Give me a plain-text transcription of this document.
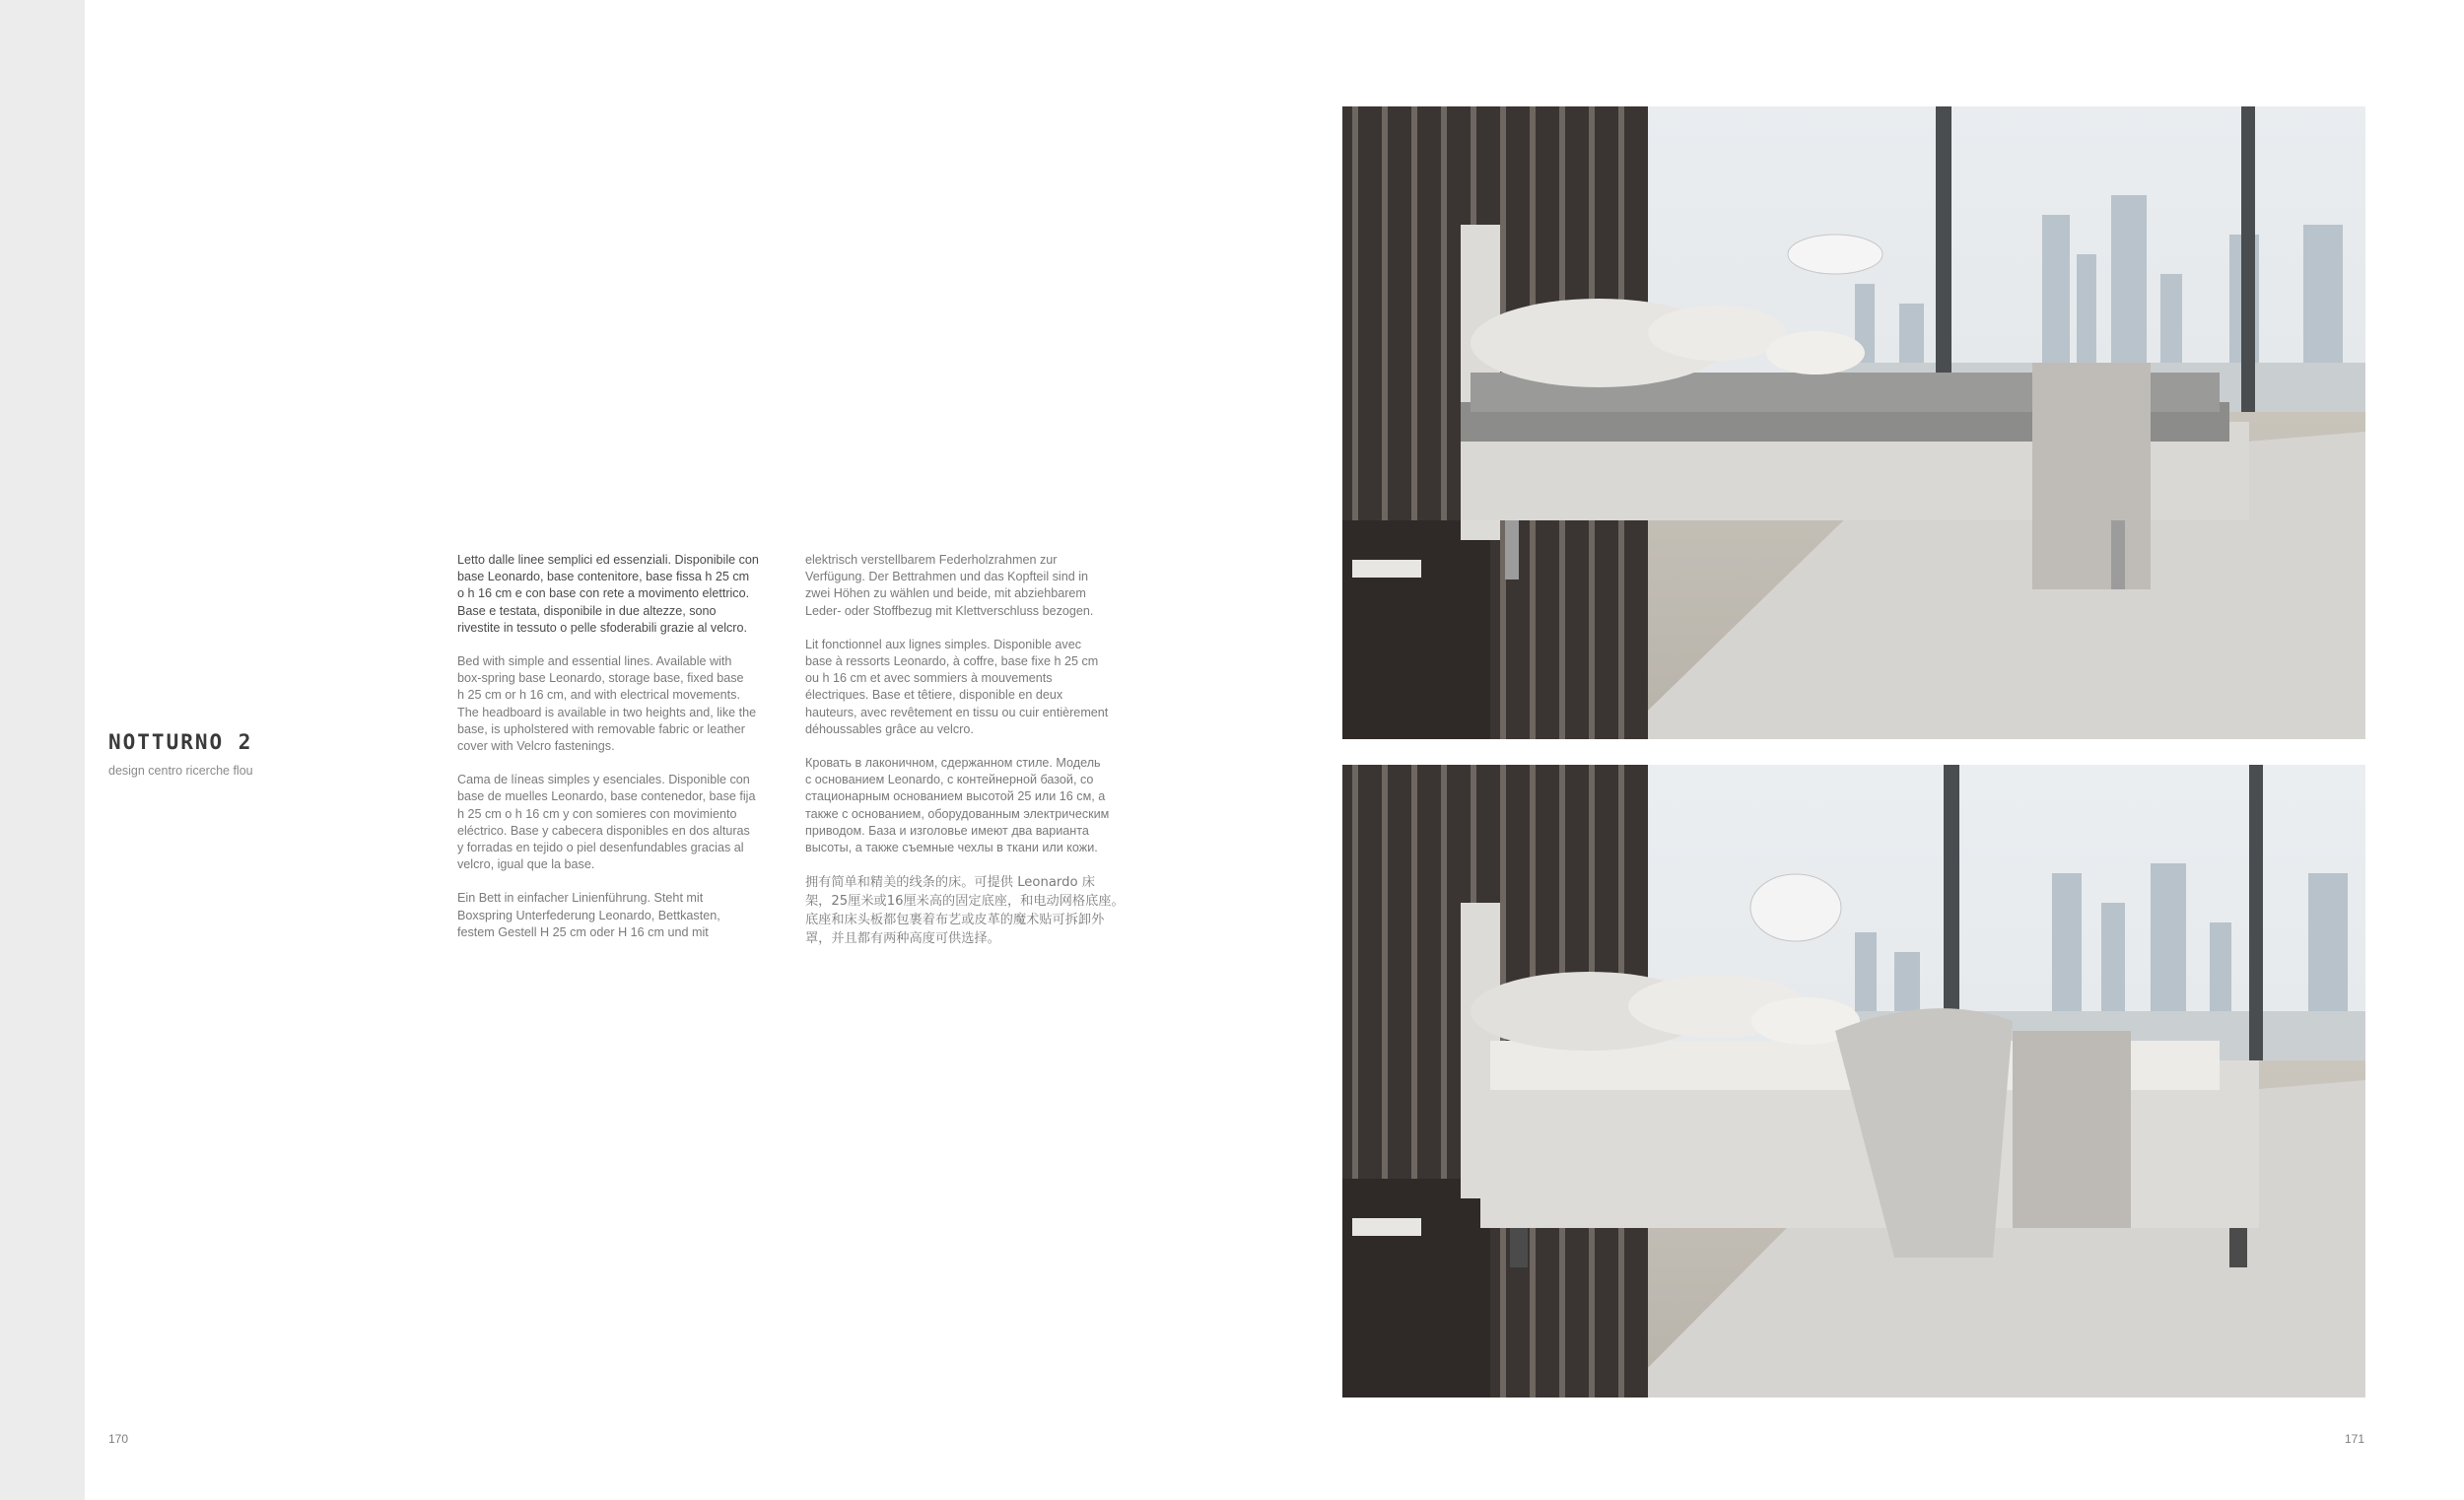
NOTTURNO 2
design centro ricerche flou

Letto dalle linee semplici ed essenziali. Disponibile con
base Leonardo, base contenitore, base fissa h 25 cm
o h 16 cm e con base con rete a movimento elettrico.
Base e testata, disponibile in due altezze, sono
rivestite in tessuto o pelle sfoderabili grazie al velcro.

Bed with simple and essential lines. Available with
box-spring base Leonardo, storage base, fixed base
h 25 cm or h 16 cm, and with electrical movements.
The headboard is available in two heights and, like the
base, is upholstered with removable fabric or leather
cover with Velcro fastenings.

Cama de líneas simples y esenciales. Disponible con
base de muelles Leonardo, base contenedor, base fija
h 25 cm o h 16 cm y con somieres con movimiento
eléctrico. Base y cabecera disponibles en dos alturas
y forradas en tejido o piel desenfundables gracias al
velcro, igual que la base.

Ein Bett in einfacher Linienführung. Steht mit
Boxspring Unterfederung Leonardo, Bettkasten,
festem Gestell H 25 cm oder H 16 cm und mit

elektrisch verstellbarem Federholzrahmen zur
Verfügung. Der Bettrahmen und das Kopfteil sind in
zwei Höhen zu wählen und beide, mit abziehbarem
Leder- oder Stoffbezug mit Klettverschluss bezogen.

Lit fonctionnel aux lignes simples. Disponible avec
base à ressorts Leonardo, à coffre, base fixe h 25 cm
ou h 16 cm et avec sommiers à mouvements
électriques. Base et têtiere, disponible en deux
hauteurs, avec revêtement en tissu ou cuir entièrement
déhoussables grâce au velcro.

Кровать в лаконичном, сдержанном стиле. Модель
с основанием Leonardo, с контейнерной базой, со
стационарным основанием высотой 25 или 16 см, а
также с основанием, оборудованным электрическим
приводом. База и изголовье имеют два варианта
высоты, а также съемные чехлы в ткани или кожи.

拥有简单和精美的线条的床。可提供 Leonardo 床
架，25厘米或16厘米高的固定底座，和电动网格底座。
底座和床头板都包裹着布艺或皮革的魔术贴可拆卸外
罩，并且都有两种高度可供选择。

170	171
